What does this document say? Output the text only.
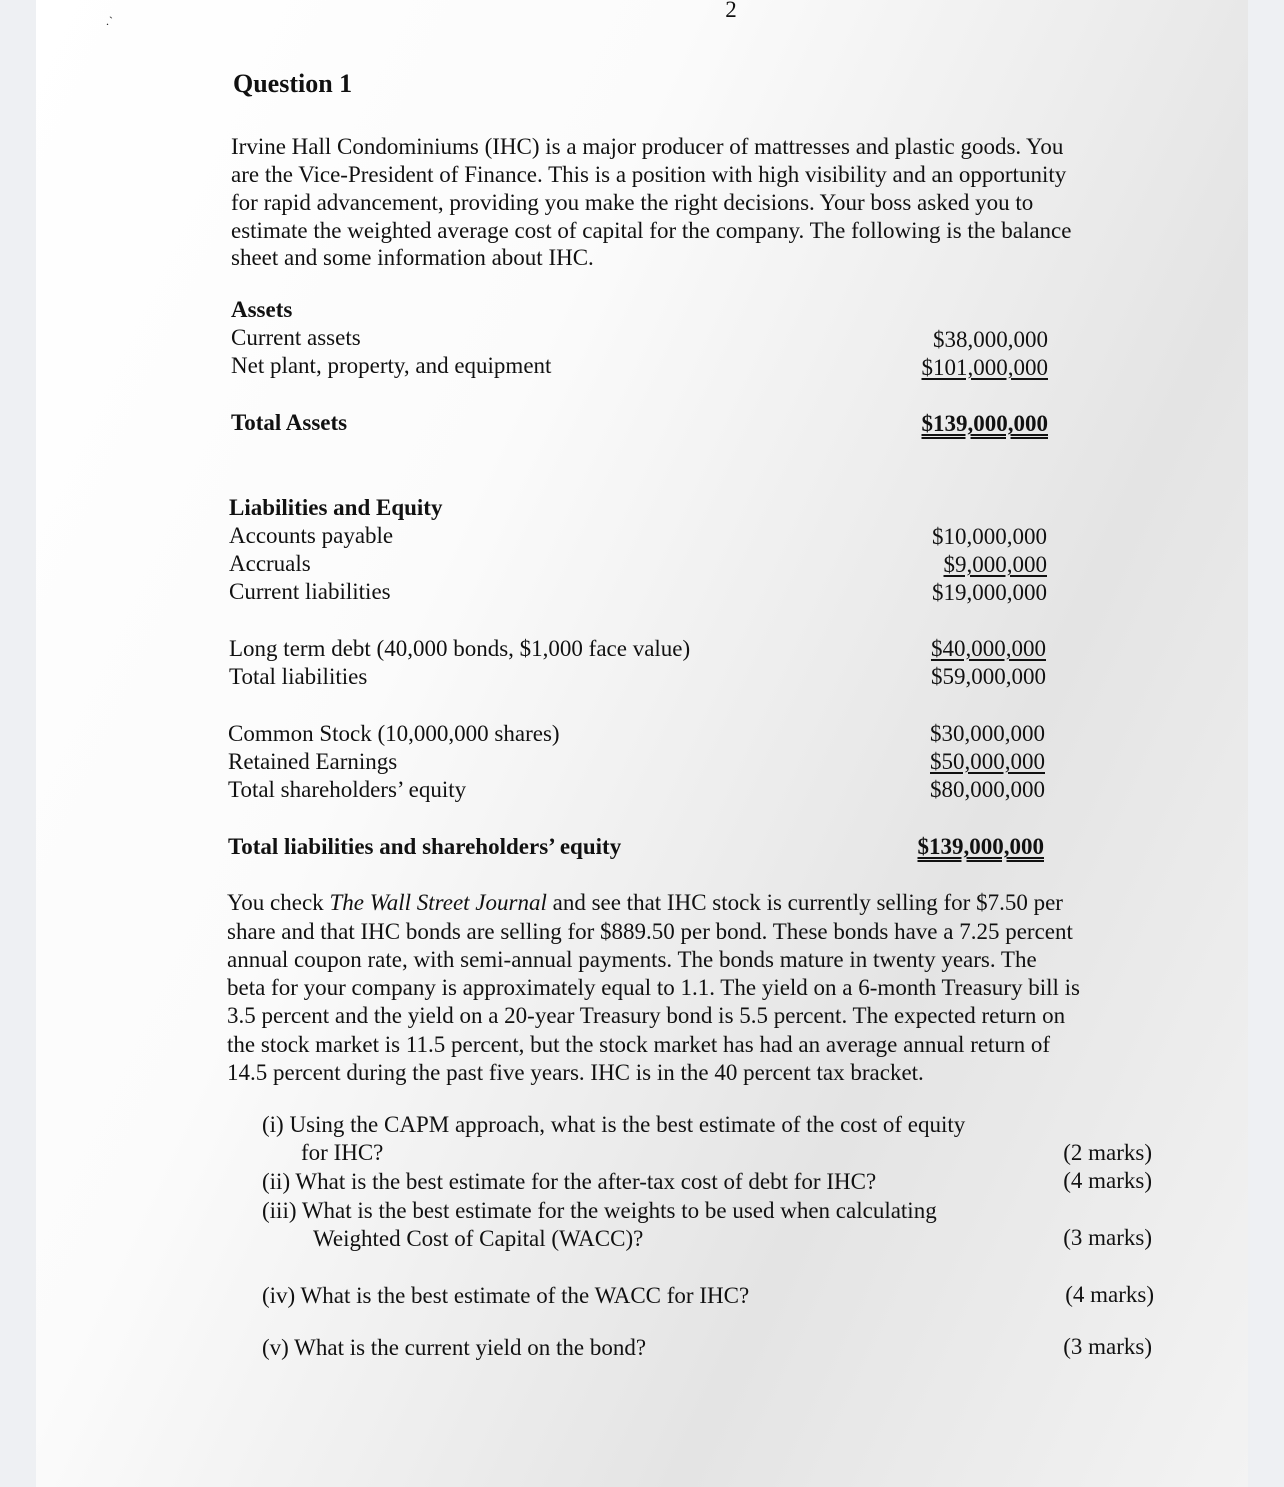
.ˋ	2
Question 1
Irvine Hall Condominiums (IHC) is a major producer of mattresses and plastic goods. You
are the Vice-President of Finance. This is a position with high visibility and an opportunity
for rapid advancement, providing you make the right decisions. Your boss asked you to
estimate the weighted average cost of capital for the company. The following is the balance
sheet and some information about IHC.
Assets
Current assets	$38,000,000
Net plant, property, and equipment	$101,000,000
Total Assets	$139,000,000
Liabilities and Equity
Accounts payable	$10,000,000
Accruals	$9,000,000
Current liabilities	$19,000,000
Long term debt (40,000 bonds, $1,000 face value)	$40,000,000
Total liabilities	$59,000,000
Common Stock (10,000,000 shares)	$30,000,000
Retained Earnings	$50,000,000
Total shareholders’ equity	$80,000,000
Total liabilities and shareholders’ equity	$139,000,000
You check The Wall Street Journal and see that IHC stock is currently selling for $7.50 per
share and that IHC bonds are selling for $889.50 per bond. These bonds have a 7.25 percent
annual coupon rate, with semi-annual payments. The bonds mature in twenty years. The
beta for your company is approximately equal to 1.1. The yield on a 6-month Treasury bill is
3.5 percent and the yield on a 20-year Treasury bond is 5.5 percent. The expected return on
the stock market is 11.5 percent, but the stock market has had an average annual return of
14.5 percent during the past five years. IHC is in the 40 percent tax bracket.
(i) Using the CAPM approach, what is the best estimate of the cost of equity
for IHC?	(2 marks)
(ii) What is the best estimate for the after-tax cost of debt for IHC?	(4 marks)
(iii) What is the best estimate for the weights to be used when calculating
Weighted Cost of Capital (WACC)?	(3 marks)
(iv) What is the best estimate of the WACC for IHC?	(4 marks)
(v) What is the current yield on the bond?	(3 marks)
